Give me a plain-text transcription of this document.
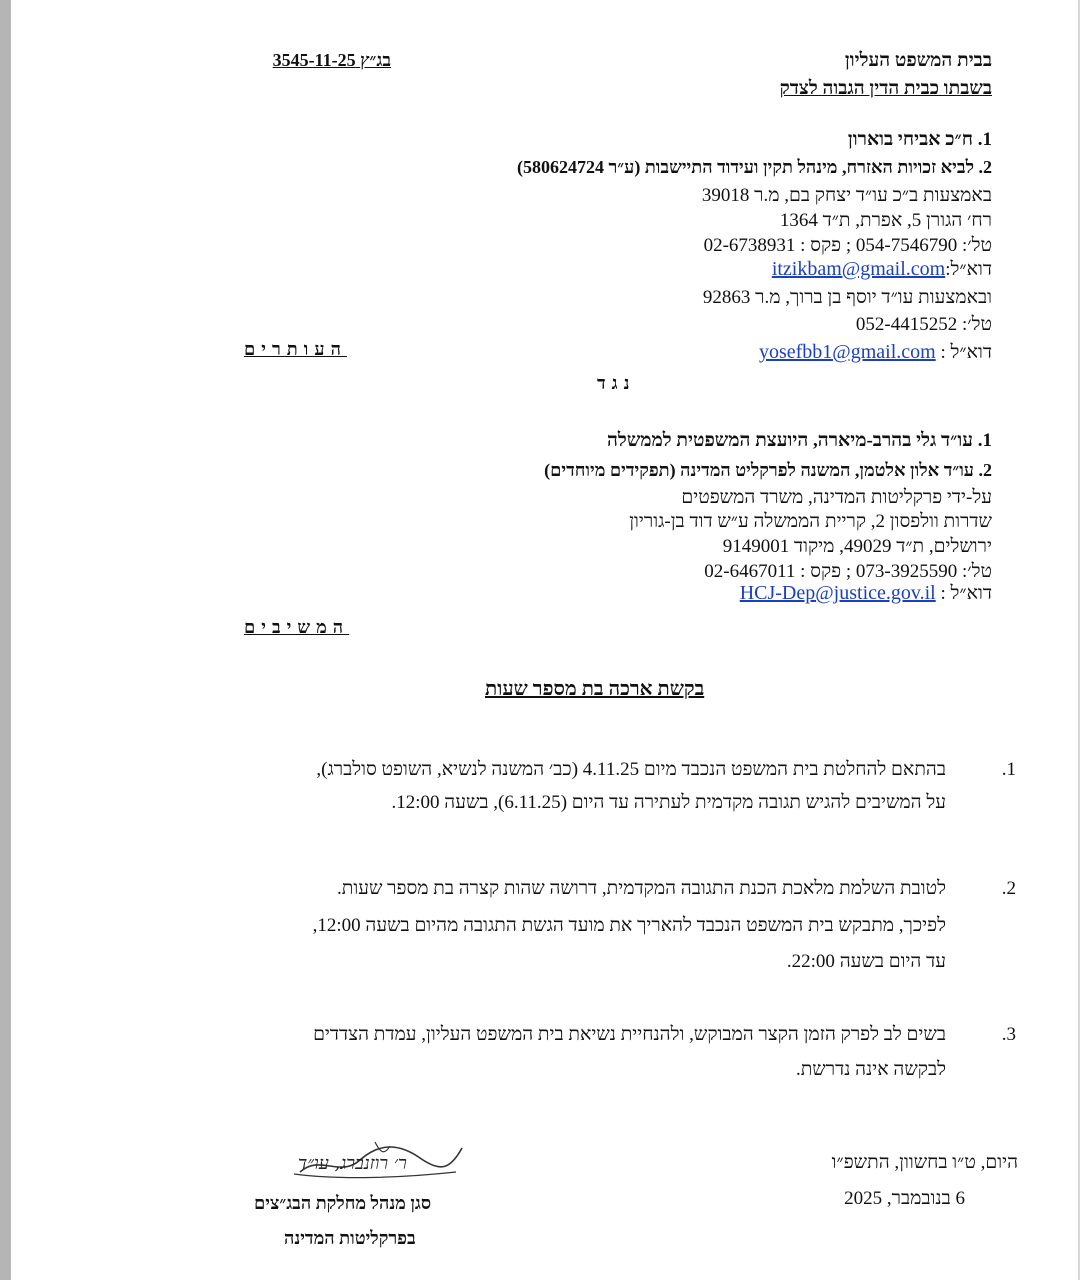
בבית המשפט העליון
בשבתו כבית הדין הגבוה לצדק
בג״ץ 3545-11-25
1. ח״כ אביחי בוארון
2. לביא זכויות האזרח, מינהל תקין ועידוד התיישבות (ע״ר 580624724)
באמצעות ב״כ עו״ד יצחק בם, מ.ר 39018
רח׳ הגורן 5, אפרת, ת״ד 1364
טל׳: 054-7546790 ; פקס : 02-6738931
דוא״ל:itzikbam@gmail.com
ובאמצעות עו״ד יוסף בן ברוך, מ.ר 92863
טל׳: 052-4415252
דוא״ל : yosefbb1@gmail.com
העותרים
נגד
1. עו״ד גלי בהרב-מיארה, היועצת המשפטית לממשלה
2. עו״ד אלון אלטמן, המשנה לפרקליט המדינה (תפקידים מיוחדים)
על-ידי פרקליטות המדינה, משרד המשפטים
שדרות וולפסון 2, קריית הממשלה ע״ש דוד בן-גוריון
ירושלים, ת״ד 49029, מיקוד 9149001
טל׳: 073-3925590 ; פקס : 02-6467011
דוא״ל : HCJ-Dep@justice.gov.il
המשיבים
בקשת ארכה בת מספר שעות
1.
בהתאם להחלטת בית המשפט הנכבד מיום 4.11.25 (כב׳ המשנה לנשיא, השופט סולברג),
על המשיבים להגיש תגובה מקדמית לעתירה עד היום (6.11.25), בשעה 12:00.
2.
לטובת השלמת מלאכת הכנת התגובה המקדמית, דרושה שהות קצרה בת מספר שעות.
לפיכך, מתבקש בית המשפט הנכבד להאריך את מועד הגשת התגובה מהיום בשעה 12:00,
עד היום בשעה 22:00.
3.
בשים לב לפרק הזמן הקצר המבוקש, ולהנחיית נשיאת בית המשפט העליון, עמדת הצדדים
לבקשה אינה נדרשת.
היום, ט״ו בחשוון, התשפ״ו
6 בנובמבר, 2025
ר׳ רוזנברג, עו״ד
סגן מנהל מחלקת הבג״צים
בפרקליטות המדינה
